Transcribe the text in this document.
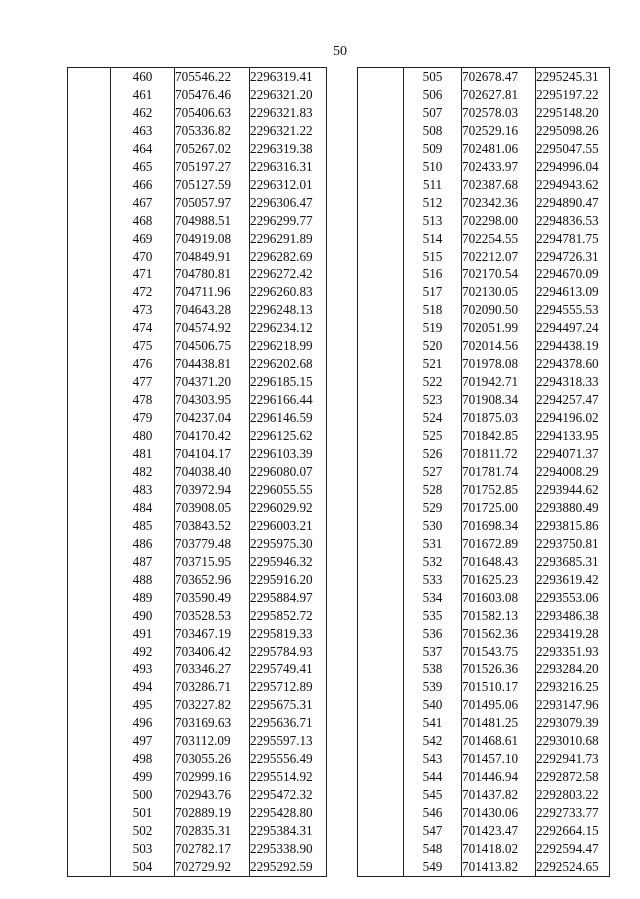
50
	460	705546.22	2296319.41
	461	705476.46	2296321.20
	462	705406.63	2296321.83
	463	705336.82	2296321.22
	464	705267.02	2296319.38
	465	705197.27	2296316.31
	466	705127.59	2296312.01
	467	705057.97	2296306.47
	468	704988.51	2296299.77
	469	704919.08	2296291.89
	470	704849.91	2296282.69
	471	704780.81	2296272.42
	472	704711.96	2296260.83
	473	704643.28	2296248.13
	474	704574.92	2296234.12
	475	704506.75	2296218.99
	476	704438.81	2296202.68
	477	704371.20	2296185.15
	478	704303.95	2296166.44
	479	704237.04	2296146.59
	480	704170.42	2296125.62
	481	704104.17	2296103.39
	482	704038.40	2296080.07
	483	703972.94	2296055.55
	484	703908.05	2296029.92
	485	703843.52	2296003.21
	486	703779.48	2295975.30
	487	703715.95	2295946.32
	488	703652.96	2295916.20
	489	703590.49	2295884.97
	490	703528.53	2295852.72
	491	703467.19	2295819.33
	492	703406.42	2295784.93
	493	703346.27	2295749.41
	494	703286.71	2295712.89
	495	703227.82	2295675.31
	496	703169.63	2295636.71
	497	703112.09	2295597.13
	498	703055.26	2295556.49
	499	702999.16	2295514.92
	500	702943.76	2295472.32
	501	702889.19	2295428.80
	502	702835.31	2295384.31
	503	702782.17	2295338.90
	504	702729.92	2295292.59
	505	702678.47	2295245.31
	506	702627.81	2295197.22
	507	702578.03	2295148.20
	508	702529.16	2295098.26
	509	702481.06	2295047.55
	510	702433.97	2294996.04
	511	702387.68	2294943.62
	512	702342.36	2294890.47
	513	702298.00	2294836.53
	514	702254.55	2294781.75
	515	702212.07	2294726.31
	516	702170.54	2294670.09
	517	702130.05	2294613.09
	518	702090.50	2294555.53
	519	702051.99	2294497.24
	520	702014.56	2294438.19
	521	701978.08	2294378.60
	522	701942.71	2294318.33
	523	701908.34	2294257.47
	524	701875.03	2294196.02
	525	701842.85	2294133.95
	526	701811.72	2294071.37
	527	701781.74	2294008.29
	528	701752.85	2293944.62
	529	701725.00	2293880.49
	530	701698.34	2293815.86
	531	701672.89	2293750.81
	532	701648.43	2293685.31
	533	701625.23	2293619.42
	534	701603.08	2293553.06
	535	701582.13	2293486.38
	536	701562.36	2293419.28
	537	701543.75	2293351.93
	538	701526.36	2293284.20
	539	701510.17	2293216.25
	540	701495.06	2293147.96
	541	701481.25	2293079.39
	542	701468.61	2293010.68
	543	701457.10	2292941.73
	544	701446.94	2292872.58
	545	701437.82	2292803.22
	546	701430.06	2292733.77
	547	701423.47	2292664.15
	548	701418.02	2292594.47
	549	701413.82	2292524.65
